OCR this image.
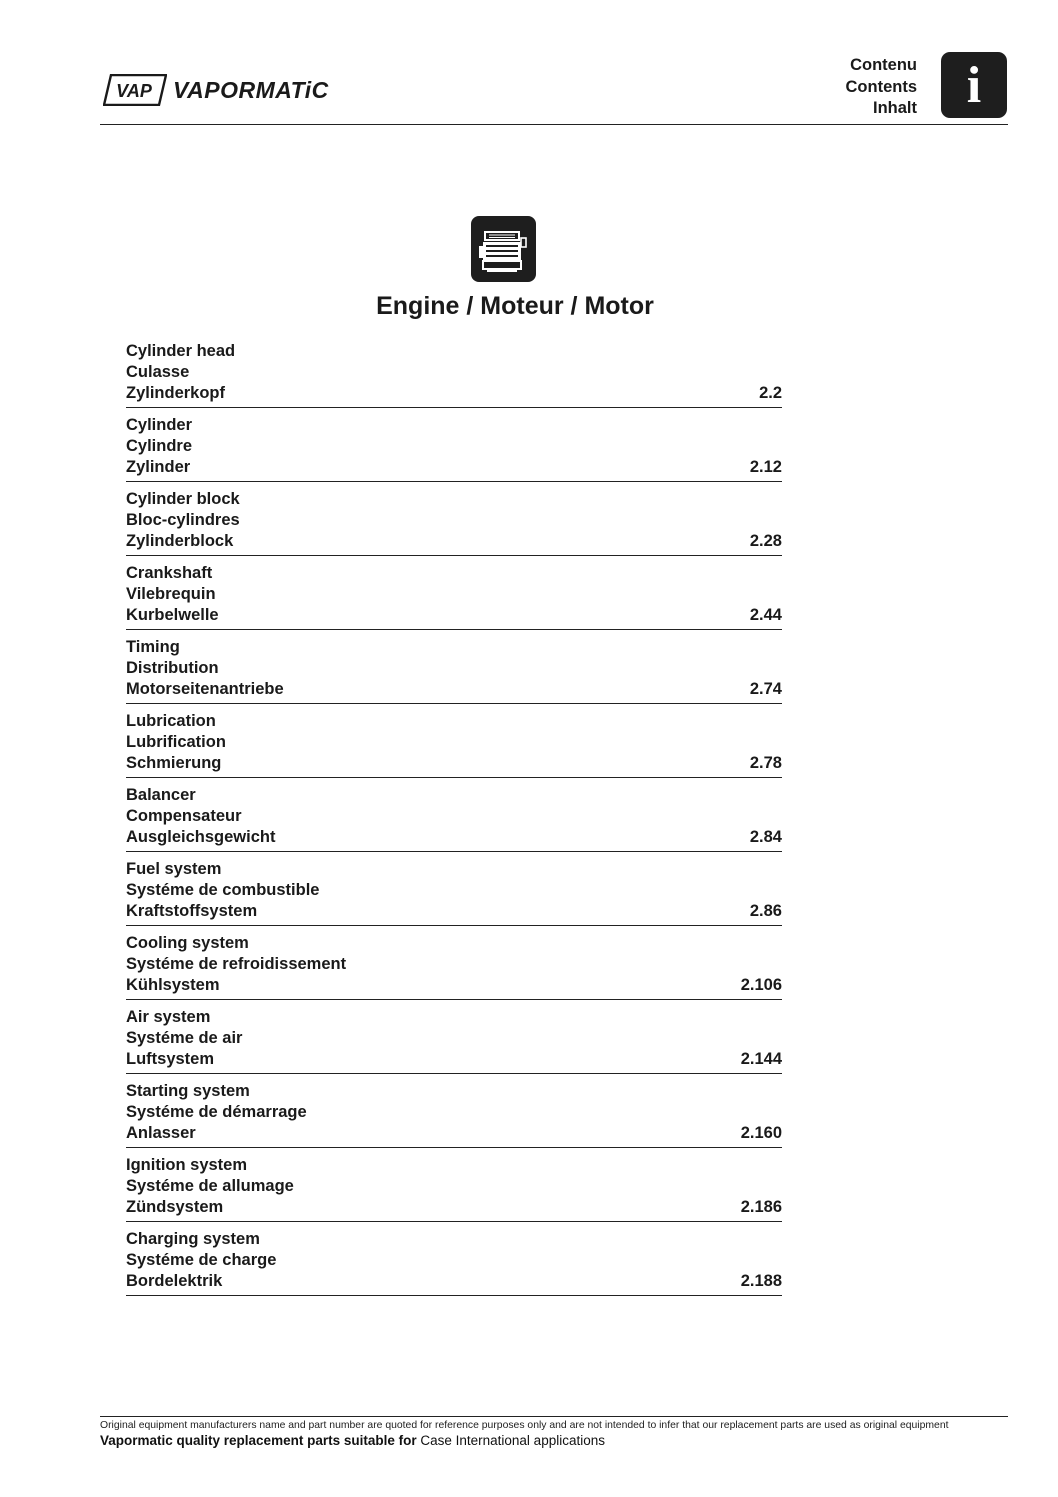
VAP VAPORMATiC
Contenu
Contents
Inhalt i
Engine / Moteur / Motor
Cylinder head
Culasse
Zylinderkopf	2.2
Cylinder
Cylindre
Zylinder	2.12
Cylinder block
Bloc-cylindres
Zylinderblock	2.28
Crankshaft
Vilebrequin
Kurbelwelle	2.44
Timing
Distribution
Motorseitenantriebe	2.74
Lubrication
Lubrification
Schmierung	2.78
Balancer
Compensateur
Ausgleichsgewicht	2.84
Fuel system
Systéme de combustible
Kraftstoffsystem	2.86
Cooling system
Systéme de refroidissement
Kühlsystem	2.106
Air system
Systéme de air
Luftsystem	2.144
Starting system
Systéme de démarrage
Anlasser	2.160
Ignition system
Systéme de allumage
Zündsystem	2.186
Charging system
Systéme de charge
Bordelektrik	2.188
Original equipment manufacturers name and part number are quoted for reference purposes only and are not intended to infer that our replacement parts are used as original equipment
Vapormatic quality replacement parts suitable for Case International applications
